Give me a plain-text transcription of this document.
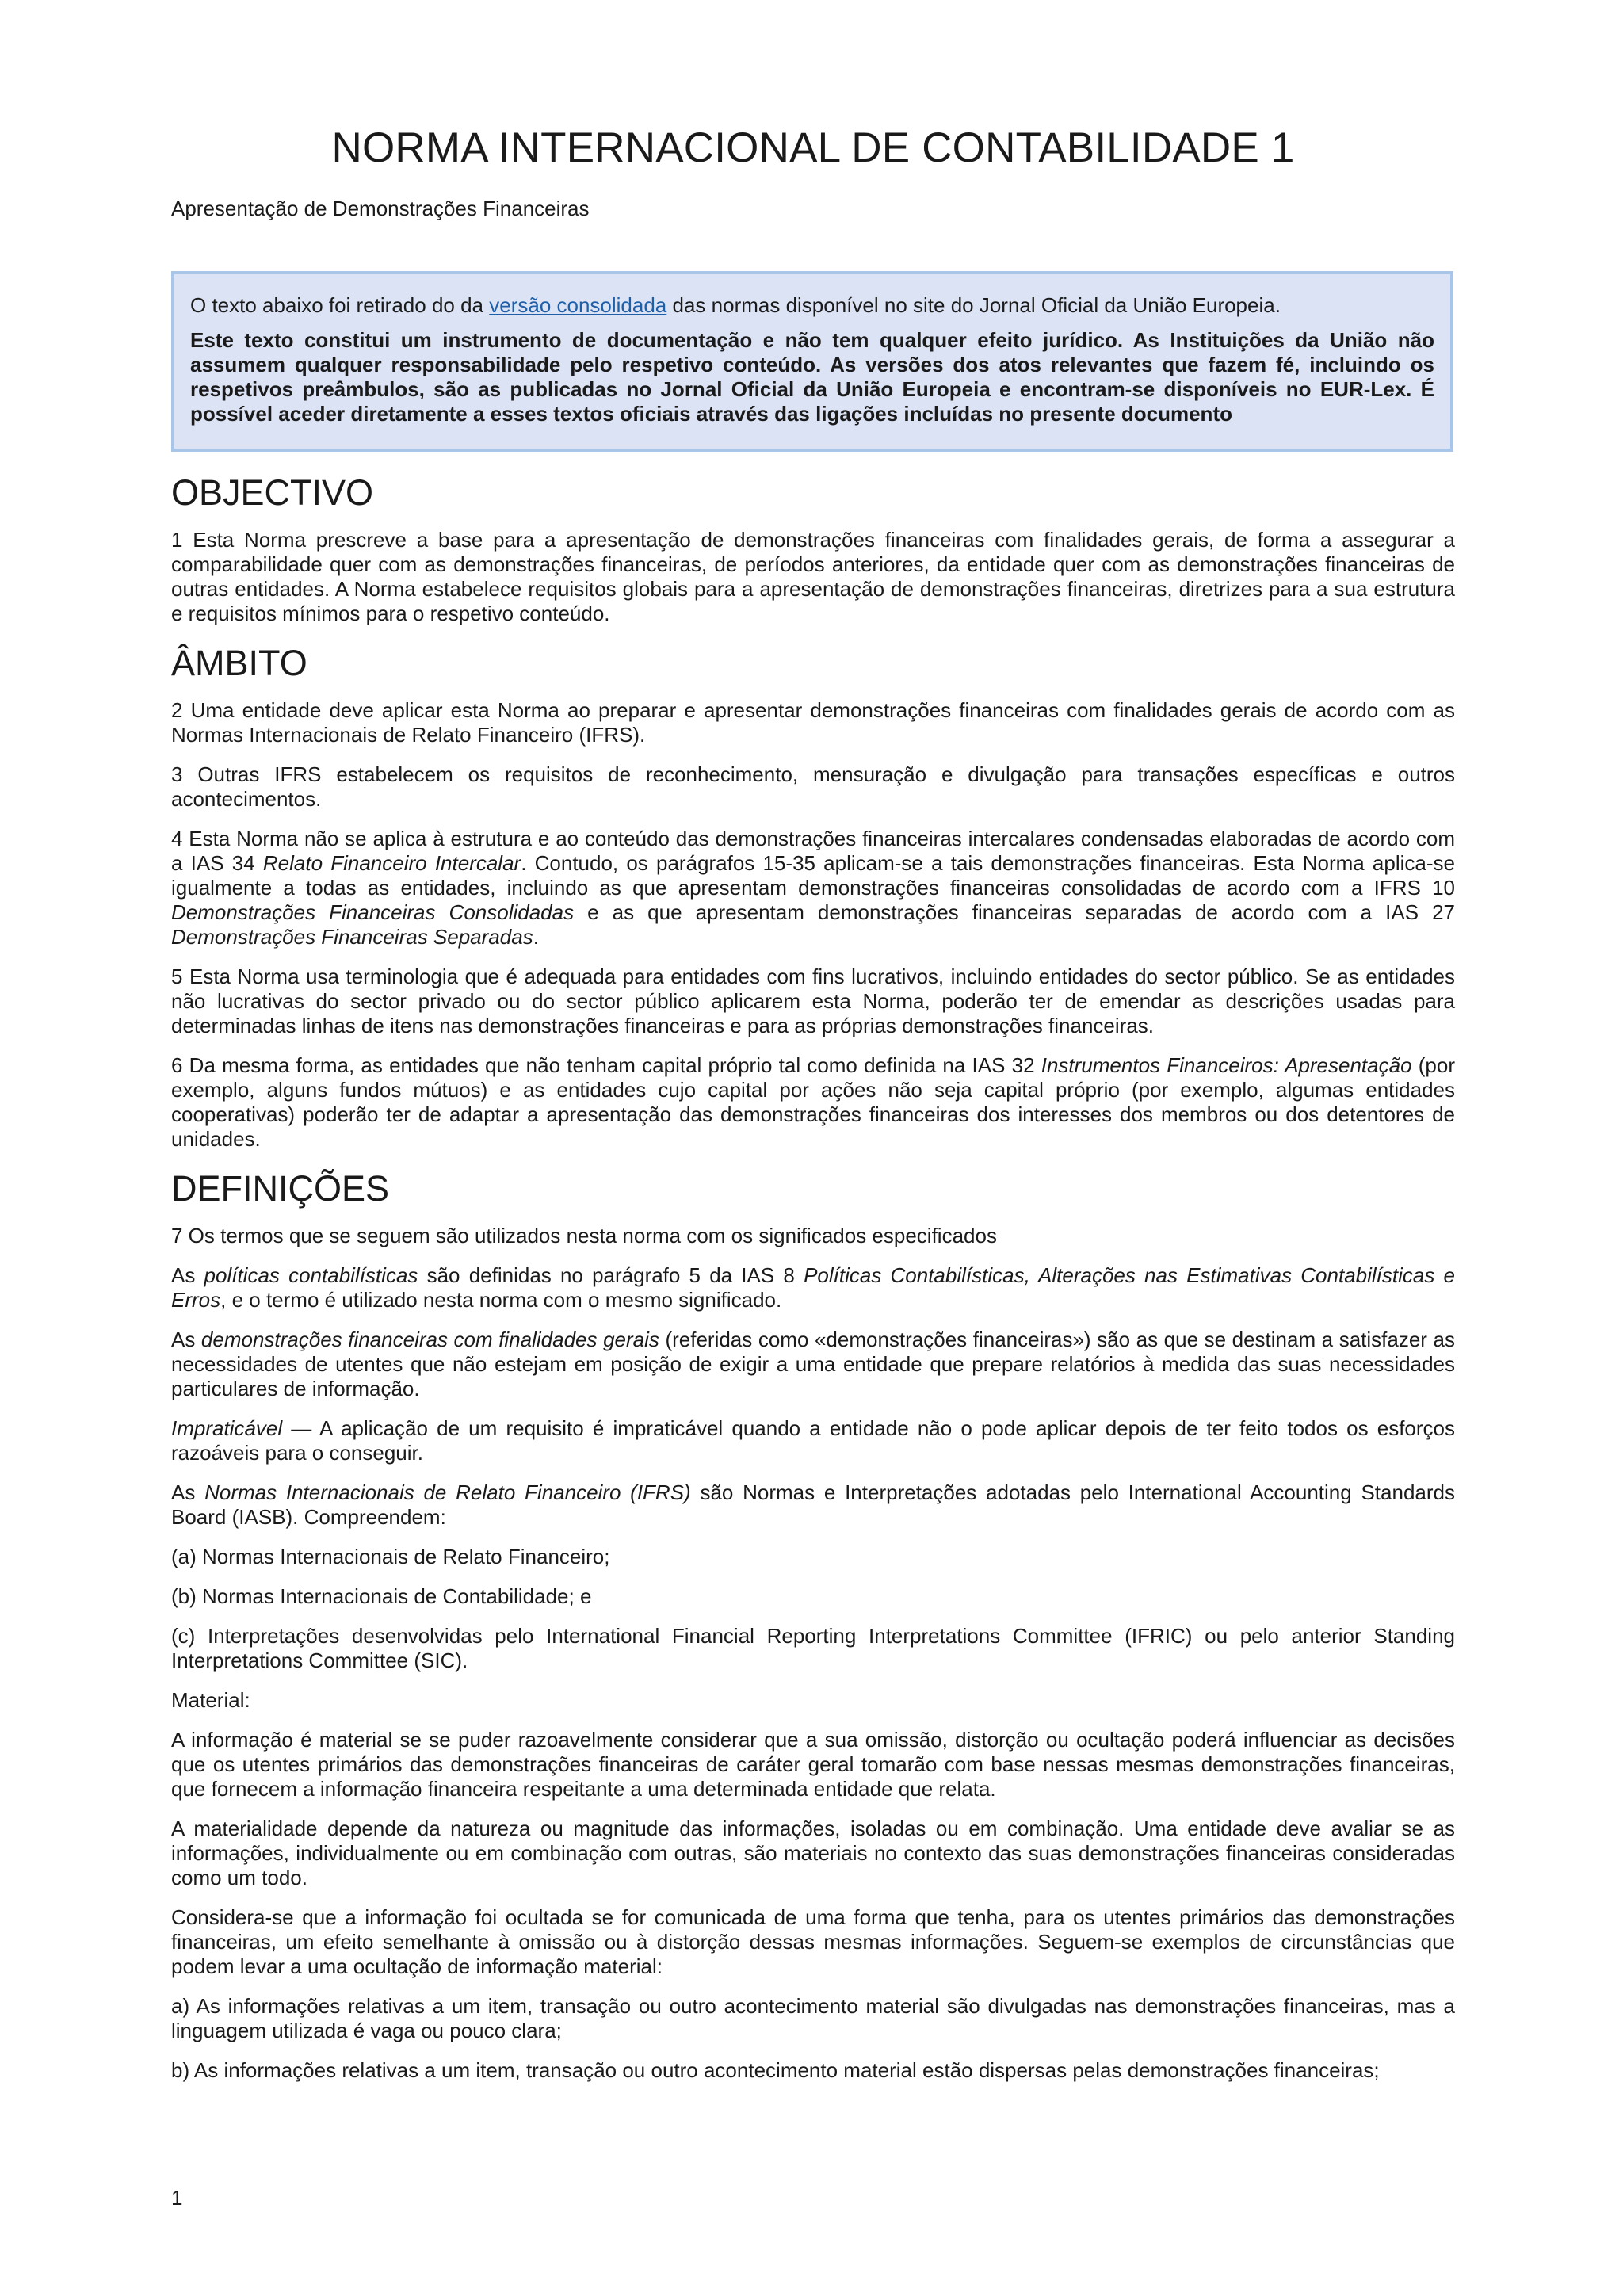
NORMA INTERNACIONAL DE CONTABILIDADE 1

Apresentação de Demonstrações Financeiras

O texto abaixo foi retirado do da versão consolidada das normas disponível no site do Jornal Oficial da União Europeia.

Este texto constitui um instrumento de documentação e não tem qualquer efeito jurídico. As Instituições da União não assumem qualquer responsabilidade pelo respetivo conteúdo. As versões dos atos relevantes que fazem fé, incluindo os respetivos preâmbulos, são as publicadas no Jornal Oficial da União Europeia e encontram-se disponíveis no EUR-Lex. É possível aceder diretamente a esses textos oficiais através das ligações incluídas no presente documento

OBJECTIVO

1 Esta Norma prescreve a base para a apresentação de demonstrações financeiras com finalidades gerais, de forma a assegurar a comparabilidade quer com as demonstrações financeiras, de períodos anteriores, da entidade quer com as demonstrações financeiras de outras entidades. A Norma estabelece requisitos globais para a apresentação de demonstrações financeiras, diretrizes para a sua estrutura e requisitos mínimos para o respetivo conteúdo.

ÂMBITO

2 Uma entidade deve aplicar esta Norma ao preparar e apresentar demonstrações financeiras com finalidades gerais de acordo com as Normas Internacionais de Relato Financeiro (IFRS).

3 Outras IFRS estabelecem os requisitos de reconhecimento, mensuração e divulgação para transações específicas e outros acontecimentos.

4 Esta Norma não se aplica à estrutura e ao conteúdo das demonstrações financeiras intercalares condensadas elaboradas de acordo com a IAS 34 Relato Financeiro Intercalar. Contudo, os parágrafos 15-35 aplicam-se a tais demonstrações financeiras. Esta Norma aplica-se igualmente a todas as entidades, incluindo as que apresentam demonstrações financeiras consolidadas de acordo com a IFRS 10 Demonstrações Financeiras Consolidadas e as que apresentam demonstrações financeiras separadas de acordo com a IAS 27 Demonstrações Financeiras Separadas.

5 Esta Norma usa terminologia que é adequada para entidades com fins lucrativos, incluindo entidades do sector público. Se as entidades não lucrativas do sector privado ou do sector público aplicarem esta Norma, poderão ter de emendar as descrições usadas para determinadas linhas de itens nas demonstrações financeiras e para as próprias demonstrações financeiras.

6 Da mesma forma, as entidades que não tenham capital próprio tal como definida na IAS 32 Instrumentos Financeiros: Apresentação (por exemplo, alguns fundos mútuos) e as entidades cujo capital por ações não seja capital próprio (por exemplo, algumas entidades cooperativas) poderão ter de adaptar a apresentação das demonstrações financeiras dos interesses dos membros ou dos detentores de unidades.

DEFINIÇÕES

7 Os termos que se seguem são utilizados nesta norma com os significados especificados

As políticas contabilísticas são definidas no parágrafo 5 da IAS 8 Políticas Contabilísticas, Alterações nas Estimativas Contabilísticas e Erros, e o termo é utilizado nesta norma com o mesmo significado.

As demonstrações financeiras com finalidades gerais (referidas como «demonstrações financeiras») são as que se destinam a satisfazer as necessidades de utentes que não estejam em posição de exigir a uma entidade que prepare relatórios à medida das suas necessidades particulares de informação.

Impraticável — A aplicação de um requisito é impraticável quando a entidade não o pode aplicar depois de ter feito todos os esforços razoáveis para o conseguir.

As Normas Internacionais de Relato Financeiro (IFRS) são Normas e Interpretações adotadas pelo International Accounting Standards Board (IASB). Compreendem:

(a) Normas Internacionais de Relato Financeiro;

(b) Normas Internacionais de Contabilidade; e

(c) Interpretações desenvolvidas pelo International Financial Reporting Interpretations Committee (IFRIC) ou pelo anterior Standing Interpretations Committee (SIC).

Material:

A informação é material se se puder razoavelmente considerar que a sua omissão, distorção ou ocultação poderá influenciar as decisões que os utentes primários das demonstrações financeiras de caráter geral tomarão com base nessas mesmas demonstrações financeiras, que fornecem a informação financeira respeitante a uma determinada entidade que relata.

A materialidade depende da natureza ou magnitude das informações, isoladas ou em combinação. Uma entidade deve avaliar se as informações, individualmente ou em combinação com outras, são materiais no contexto das suas demonstrações financeiras consideradas como um todo.

Considera-se que a informação foi ocultada se for comunicada de uma forma que tenha, para os utentes primários das demonstrações financeiras, um efeito semelhante à omissão ou à distorção dessas mesmas informações. Seguem-se exemplos de circunstâncias que podem levar a uma ocultação de informação material:

a) As informações relativas a um item, transação ou outro acontecimento material são divulgadas nas demonstrações financeiras, mas a linguagem utilizada é vaga ou pouco clara;

b) As informações relativas a um item, transação ou outro acontecimento material estão dispersas pelas demonstrações financeiras;

1
